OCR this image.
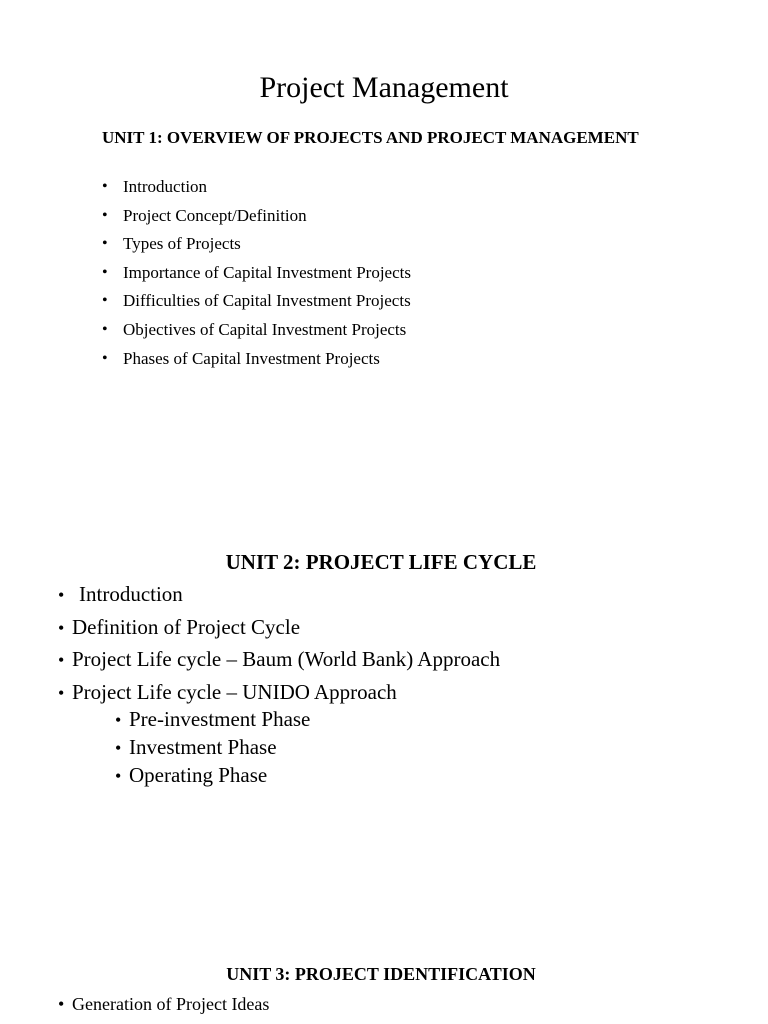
Project Management
UNIT 1: OVERVIEW OF PROJECTS AND PROJECT MANAGEMENT
• Introduction
• Project Concept/Definition
• Types of Projects
• Importance of Capital Investment Projects
• Difficulties of Capital Investment Projects
• Objectives of Capital Investment Projects
• Phases of Capital Investment Projects
UNIT 2: PROJECT LIFE CYCLE
• Introduction
• Definition of Project Cycle
• Project Life cycle – Baum (World Bank) Approach
• Project Life cycle – UNIDO Approach
• Pre-investment Phase
• Investment Phase
• Operating Phase
UNIT 3: PROJECT IDENTIFICATION
• Generation of Project Ideas
